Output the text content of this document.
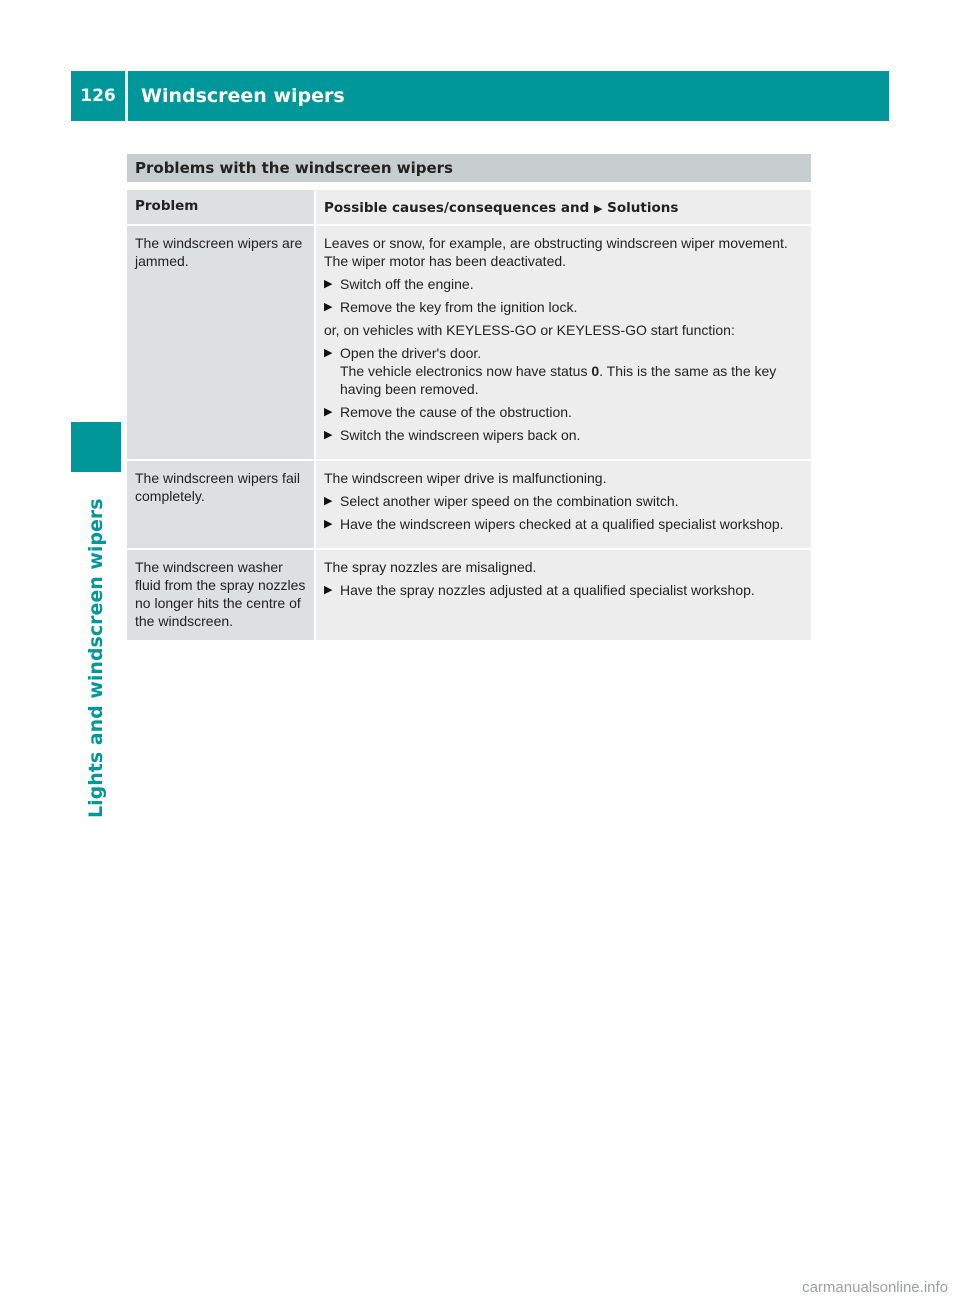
126	Windscreen wipers
Lights and windscreen wipers
Problems with the windscreen wipers
Problem	Possible causes/consequences and ▶ Solutions
The windscreen wipers are jammed.

Leaves or snow, for example, are obstructing windscreen wiper movement. The wiper motor has been deactivated.

▶ Switch off the engine.
▶ Remove the key from the ignition lock.

or, on vehicles with KEYLESS-GO or KEYLESS-GO start function:

▶ Open the driver's door.
The vehicle electronics now have status 0. This is the same as the key having been removed.
▶ Remove the cause of the obstruction.
▶ Switch the windscreen wipers back on.
The windscreen wipers fail completely.

The windscreen wiper drive is malfunctioning.

▶ Select another wiper speed on the combination switch.
▶ Have the windscreen wipers checked at a qualified specialist workshop.
The windscreen washer fluid from the spray nozzles no longer hits the centre of the windscreen.

The spray nozzles are misaligned.

▶ Have the spray nozzles adjusted at a qualified specialist workshop.
carmanualsonline.info
